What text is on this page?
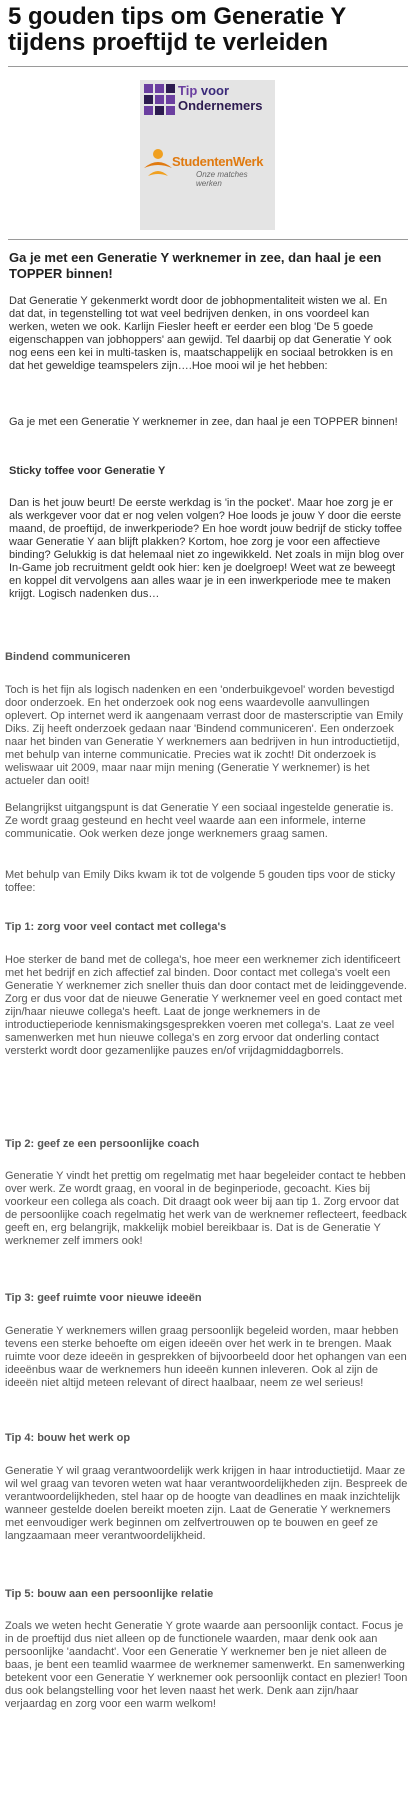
5 gouden tips om Generatie Y tijdens proeftijd te verleiden
Tip voor
Ondernemers
StudentenWerk
Onze matches werken

Ga je met een Generatie Y werknemer in zee, dan haal je een TOPPER binnen!

Dat Generatie Y gekenmerkt wordt door de jobhopmentaliteit wisten we al. En dat dat, in tegenstelling tot wat veel bedrijven denken, in ons voordeel kan werken, weten we ook. Karlijn Fiesler heeft er eerder een blog 'De 5 goede eigenschappen van jobhoppers' aan gewijd. Tel daarbij op dat Generatie Y ook nog eens een kei in multi-tasken is, maatschappelijk en sociaal betrokken is en dat het geweldige teamspelers zijn….Hoe mooi wil je het hebben:

Ga je met een Generatie Y werknemer in zee, dan haal je een TOPPER binnen!

Sticky toffee voor Generatie Y

Dan is het jouw beurt! De eerste werkdag is 'in the pocket'. Maar hoe zorg je er als werkgever voor dat er nog velen volgen? Hoe loods je jouw Y door die eerste maand, de proeftijd, de inwerkperiode? En hoe wordt jouw bedrijf de sticky toffee waar Generatie Y aan blijft plakken? Kortom, hoe zorg je voor een affectieve binding? Gelukkig is dat helemaal niet zo ingewikkeld. Net zoals in mijn blog over In-Game job recruitment geldt ook hier: ken je doelgroep! Weet wat ze beweegt en koppel dit vervolgens aan alles waar je in een inwerkperiode mee te maken krijgt. Logisch nadenken dus…

Bindend communiceren

Toch is het fijn als logisch nadenken en een 'onderbuikgevoel' worden bevestigd door onderzoek. En het onderzoek ook nog eens waardevolle aanvullingen oplevert. Op internet werd ik aangenaam verrast door de masterscriptie van Emily Diks. Zij heeft onderzoek gedaan naar 'Bindend communiceren'. Een onderzoek naar het binden van Generatie Y werknemers aan bedrijven in hun introductietijd, met behulp van interne communicatie. Precies wat ik zocht! Dit onderzoek is weliswaar uit 2009, maar naar mijn mening (Generatie Y werknemer) is het actueler dan ooit!

Belangrijkst uitgangspunt is dat Generatie Y een sociaal ingestelde generatie is. Ze wordt graag gesteund en hecht veel waarde aan een informele, interne communicatie. Ook werken deze jonge werknemers graag samen.

Met behulp van Emily Diks kwam ik tot de volgende 5 gouden tips voor de sticky toffee:

Tip 1: zorg voor veel contact met collega's

Hoe sterker de band met de collega's, hoe meer een werknemer zich identificeert met het bedrijf en zich affectief zal binden. Door contact met collega's voelt een Generatie Y werknemer zich sneller thuis dan door contact met de leidinggevende. Zorg er dus voor dat de nieuwe Generatie Y werknemer veel en goed contact met zijn/haar nieuwe collega's heeft. Laat de jonge werknemers in de introductieperiode kennismakingsgesprekken voeren met collega's. Laat ze veel samenwerken met hun nieuwe collega's en zorg ervoor dat onderling contact versterkt wordt door gezamenlijke pauzes en/of vrijdagmiddagborrels.

Tip 2: geef ze een persoonlijke coach

Generatie Y vindt het prettig om regelmatig met haar begeleider contact te hebben over werk. Ze wordt graag, en vooral in de beginperiode, gecoacht. Kies bij voorkeur een collega als coach. Dit draagt ook weer bij aan tip 1. Zorg ervoor dat de persoonlijke coach regelmatig het werk van de werknemer reflecteert, feedback geeft en, erg belangrijk, makkelijk mobiel bereikbaar is. Dat is de Generatie Y werknemer zelf immers ook!

Tip 3: geef ruimte voor nieuwe ideeën

Generatie Y werknemers willen graag persoonlijk begeleid worden, maar hebben tevens een sterke behoefte om eigen ideeën over het werk in te brengen. Maak ruimte voor deze ideeën in gesprekken of bijvoorbeeld door het ophangen van een ideeënbus waar de werknemers hun ideeën kunnen inleveren. Ook al zijn de ideeën niet altijd meteen relevant of direct haalbaar, neem ze wel serieus!

Tip 4: bouw het werk op

Generatie Y wil graag verantwoordelijk werk krijgen in haar introductietijd. Maar ze wil wel graag van tevoren weten wat haar verantwoordelijkheden zijn. Bespreek de verantwoordelijkheden, stel haar op de hoogte van deadlines en maak inzichtelijk wanneer gestelde doelen bereikt moeten zijn. Laat de Generatie Y werknemers met eenvoudiger werk beginnen om zelfvertrouwen op te bouwen en geef ze langzaamaan meer verantwoordelijkheid.

Tip 5: bouw aan een persoonlijke relatie

Zoals we weten hecht Generatie Y grote waarde aan persoonlijk contact. Focus je in de proeftijd dus niet alleen op de functionele waarden, maar denk ook aan persoonlijke 'aandacht'. Voor een Generatie Y werknemer ben je niet alleen de baas, je bent een teamlid waarmee de werknemer samenwerkt. En samenwerking betekent voor een Generatie Y werknemer ook persoonlijk contact en plezier! Toon dus ook belangstelling voor het leven naast het werk. Denk aan zijn/haar verjaardag en zorg voor een warm welkom!
